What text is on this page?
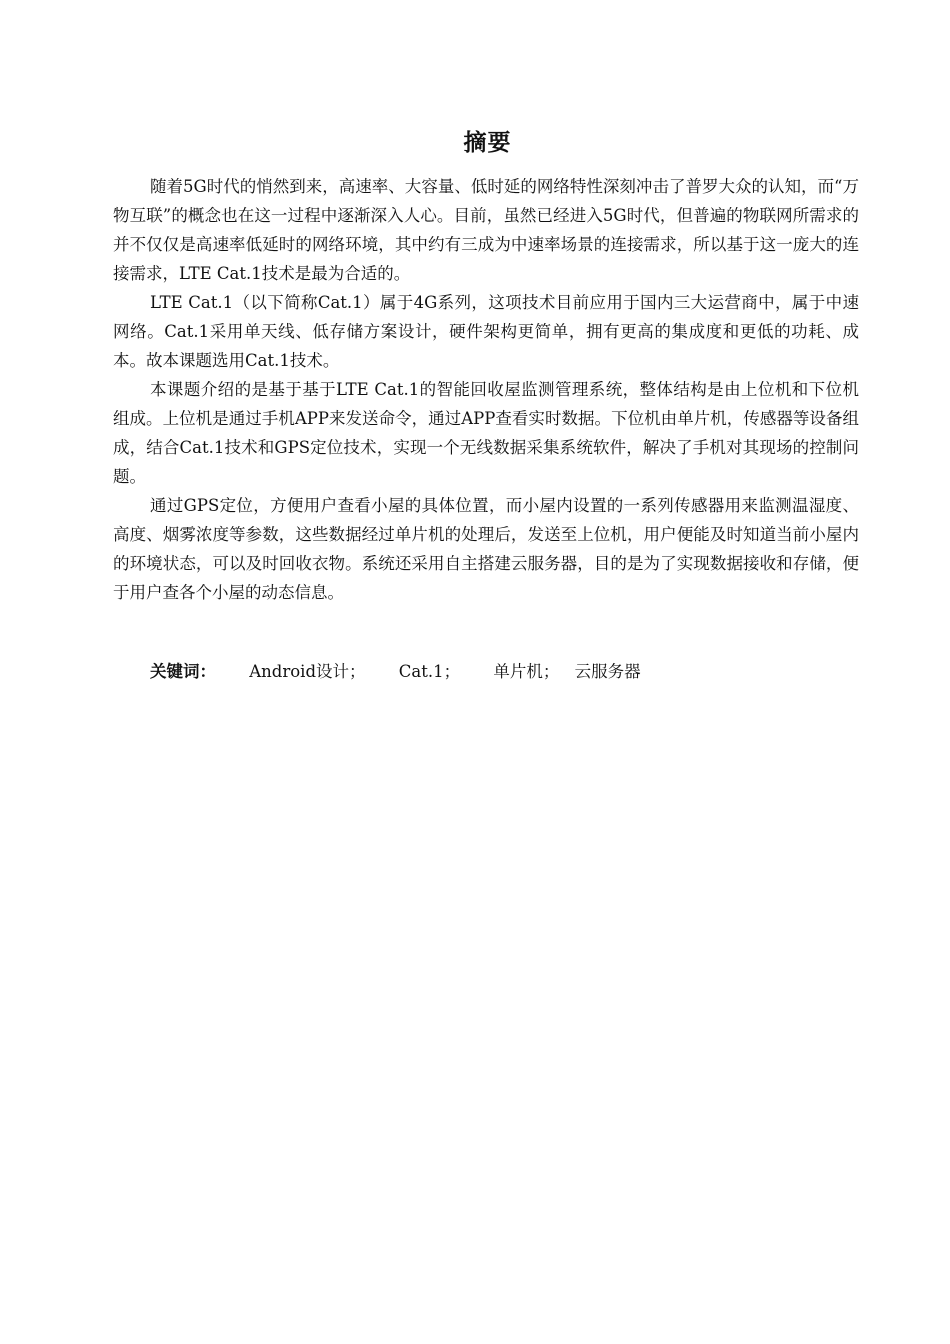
摘要

随着5G时代的悄然到来，高速率、大容量、低时延的网络特性深刻冲击了普罗大众的认知，而“万物互联”的概念也在这一过程中逐渐深入人心。目前，虽然已经进入5G时代，但普遍的物联网所需求的并不仅仅是高速率低延时的网络环境，其中约有三成为中速率场景的连接需求，所以基于这一庞大的连接需求，LTE Cat.1技术是最为合适的。

LTE Cat.1（以下简称Cat.1）属于4G系列，这项技术目前应用于国内三大运营商中，属于中速网络。Cat.1采用单天线、低存储方案设计，硬件架构更简单，拥有更高的集成度和更低的功耗、成本。故本课题选用Cat.1技术。

本课题介绍的是基于基于LTE Cat.1的智能回收屋监测管理系统，整体结构是由上位机和下位机组成。上位机是通过手机APP来发送命令，通过APP查看实时数据。下位机由单片机，传感器等设备组成，结合Cat.1技术和GPS定位技术，实现一个无线数据采集系统软件，解决了手机对其现场的控制问题。

通过GPS定位，方便用户查看小屋的具体位置，而小屋内设置的一系列传感器用来监测温湿度、高度、烟雾浓度等参数，这些数据经过单片机的处理后，发送至上位机，用户便能及时知道当前小屋内的环境状态，可以及时回收衣物。系统还采用自主搭建云服务器，目的是为了实现数据接收和存储，便于用户查各个小屋的动态信息。

关键词： Android设计； Cat.1； 单片机； 云服务器
